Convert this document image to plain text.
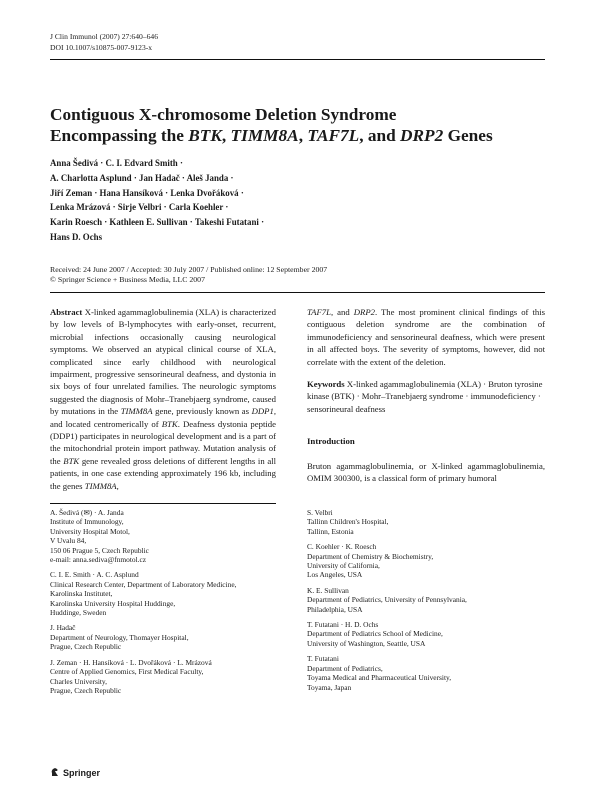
J Clin Immunol (2007) 27:640–646
DOI 10.1007/s10875-007-9123-x
Contiguous X-chromosome Deletion Syndrome
Encompassing the BTK, TIMM8A, TAF7L, and DRP2 Genes
Anna Šedivá · C. I. Edvard Smith ·
A. Charlotta Asplund · Jan Hadač · Aleš Janda ·
Jiří Zeman · Hana Hansíková · Lenka Dvořáková ·
Lenka Mrázová · Sirje Velbri · Carla Koehler ·
Karin Roesch · Kathleen E. Sullivan · Takeshi Futatani ·
Hans D. Ochs
Received: 24 June 2007 / Accepted: 30 July 2007 / Published online: 12 September 2007
© Springer Science + Business Media, LLC 2007

Abstract X-linked agammaglobulinemia (XLA) is characterized by low levels of B-lymphocytes with early-onset, recurrent, microbial infections occasionally causing neurological symptoms. We observed an atypical clinical course of XLA, complicated since early childhood with neurological impairment, progressive sensorineural deafness, and dystonia in six boys of four unrelated families. The neurologic symptoms suggested the diagnosis of Mohr–Tranebjaerg syndrome, caused by mutations in the TIMM8A gene, previously known as DDP1, and located centromerically of BTK. Deafness dystonia peptide (DDP1) participates in neurological development and is a part of the mitochondrial protein import pathway. Mutation analysis of the BTK gene revealed gross deletions of different lengths in all patients, in one case extending approximately 196 kb, including the genes TIMM8A,

TAF7L, and DRP2. The most prominent clinical findings of this contiguous deletion syndrome are the combination of immunodeficiency and sensorineural deafness, which were present in all affected boys. The severity of symptoms, however, did not correlate with the extent of the deletion.

Keywords X-linked agammaglobulinemia (XLA) · Bruton tyrosine kinase (BTK) · Mohr–Tranebjaerg syndrome · immunodeficiency · sensorineural deafness

Introduction

Bruton agammaglobulinemia, or X-linked agammaglobulinemia, OMIM 300300, is a classical form of primary humoral

A. Šedivá (✉) · A. Janda
Institute of Immunology,
University Hospital Motol,
V Uvalu 84,
150 06 Prague 5, Czech Republic
e-mail: anna.sediva@fnmotol.cz
C. I. E. Smith · A. C. Asplund
Clinical Research Center, Department of Laboratory Medicine,
Karolinska Institutet,
Karolinska University Hospital Huddinge,
Huddinge, Sweden
J. Hadač
Department of Neurology, Thomayer Hospital,
Prague, Czech Republic
J. Zeman · H. Hansíková · L. Dvořáková · L. Mrázová
Centre of Applied Genomics, First Medical Faculty,
Charles University,
Prague, Czech Republic
S. Velbri
Tallinn Children's Hospital,
Tallinn, Estonia
C. Koehler · K. Roesch
Department of Chemistry & Biochemistry,
University of California,
Los Angeles, USA
K. E. Sullivan
Department of Pediatrics, University of Pennsylvania,
Philadelphia, USA
T. Futatani · H. D. Ochs
Department of Pediatrics School of Medicine,
University of Washington, Seattle, USA
T. Futatani
Department of Pediatrics,
Toyama Medical and Pharmaceutical University,
Toyama, Japan
Springer
